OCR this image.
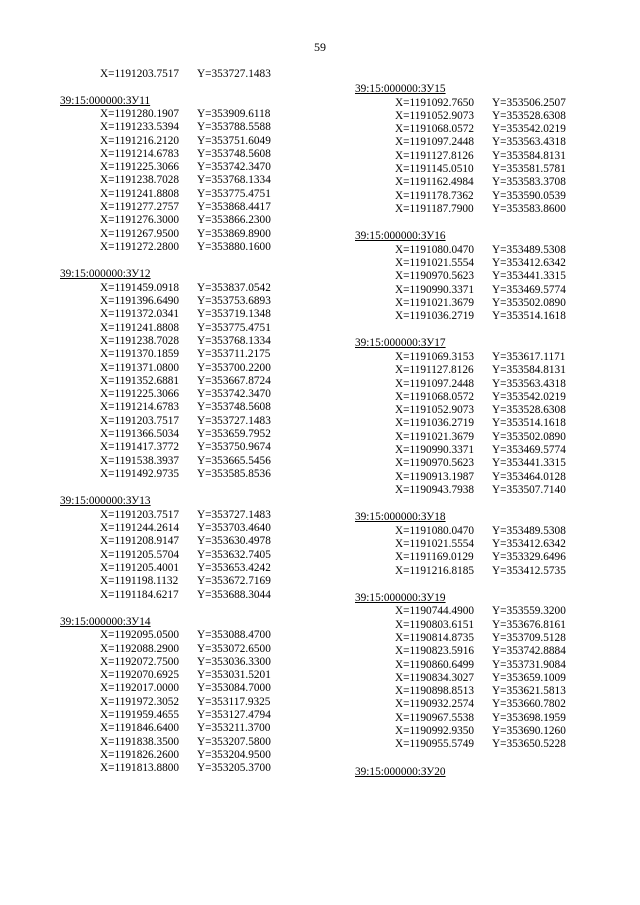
59
X=1191203.7517 Y=353727.1483
39:15:000000:ЗУ11
X=1191280.1907 Y=353909.6118
X=1191233.5394 Y=353788.5588
X=1191216.2120 Y=353751.6049
X=1191214.6783 Y=353748.5608
X=1191225.3066 Y=353742.3470
X=1191238.7028 Y=353768.1334
X=1191241.8808 Y=353775.4751
X=1191277.2757 Y=353868.4417
X=1191276.3000 Y=353866.2300
X=1191267.9500 Y=353869.8900
X=1191272.2800 Y=353880.1600
39:15:000000:ЗУ12
X=1191459.0918 Y=353837.0542
X=1191396.6490 Y=353753.6893
X=1191372.0341 Y=353719.1348
X=1191241.8808 Y=353775.4751
X=1191238.7028 Y=353768.1334
X=1191370.1859 Y=353711.2175
X=1191371.0800 Y=353700.2200
X=1191352.6881 Y=353667.8724
X=1191225.3066 Y=353742.3470
X=1191214.6783 Y=353748.5608
X=1191203.7517 Y=353727.1483
X=1191366.5034 Y=353659.7952
X=1191417.3772 Y=353750.9674
X=1191538.3937 Y=353665.5456
X=1191492.9735 Y=353585.8536
39:15:000000:ЗУ13
X=1191203.7517 Y=353727.1483
X=1191244.2614 Y=353703.4640
X=1191208.9147 Y=353630.4978
X=1191205.5704 Y=353632.7405
X=1191205.4001 Y=353653.4242
X=1191198.1132 Y=353672.7169
X=1191184.6217 Y=353688.3044
39:15:000000:ЗУ14
X=1192095.0500 Y=353088.4700
X=1192088.2900 Y=353072.6500
X=1192072.7500 Y=353036.3300
X=1192070.6925 Y=353031.5201
X=1192017.0000 Y=353084.7000
X=1191972.3052 Y=353117.9325
X=1191959.4655 Y=353127.4794
X=1191846.6400 Y=353211.3700
X=1191838.3500 Y=353207.5800
X=1191826.2600 Y=353204.9500
X=1191813.8800 Y=353205.3700
39:15:000000:ЗУ15
X=1191092.7650 Y=353506.2507
X=1191052.9073 Y=353528.6308
X=1191068.0572 Y=353542.0219
X=1191097.2448 Y=353563.4318
X=1191127.8126 Y=353584.8131
X=1191145.0510 Y=353581.5781
X=1191162.4984 Y=353583.3708
X=1191178.7362 Y=353590.0539
X=1191187.7900 Y=353583.8600
39:15:000000:ЗУ16
X=1191080.0470 Y=353489.5308
X=1191021.5554 Y=353412.6342
X=1190970.5623 Y=353441.3315
X=1190990.3371 Y=353469.5774
X=1191021.3679 Y=353502.0890
X=1191036.2719 Y=353514.1618
39:15:000000:ЗУ17
X=1191069.3153 Y=353617.1171
X=1191127.8126 Y=353584.8131
X=1191097.2448 Y=353563.4318
X=1191068.0572 Y=353542.0219
X=1191052.9073 Y=353528.6308
X=1191036.2719 Y=353514.1618
X=1191021.3679 Y=353502.0890
X=1190990.3371 Y=353469.5774
X=1190970.5623 Y=353441.3315
X=1190913.1987 Y=353464.0128
X=1190943.7938 Y=353507.7140
39:15:000000:ЗУ18
X=1191080.0470 Y=353489.5308
X=1191021.5554 Y=353412.6342
X=1191169.0129 Y=353329.6496
X=1191216.8185 Y=353412.5735
39:15:000000:ЗУ19
X=1190744.4900 Y=353559.3200
X=1190803.6151 Y=353676.8161
X=1190814.8735 Y=353709.5128
X=1190823.5916 Y=353742.8884
X=1190860.6499 Y=353731.9084
X=1190834.3027 Y=353659.1009
X=1190898.8513 Y=353621.5813
X=1190932.2574 Y=353660.7802
X=1190967.5538 Y=353698.1959
X=1190992.9350 Y=353690.1260
X=1190955.5749 Y=353650.5228
39:15:000000:ЗУ20
